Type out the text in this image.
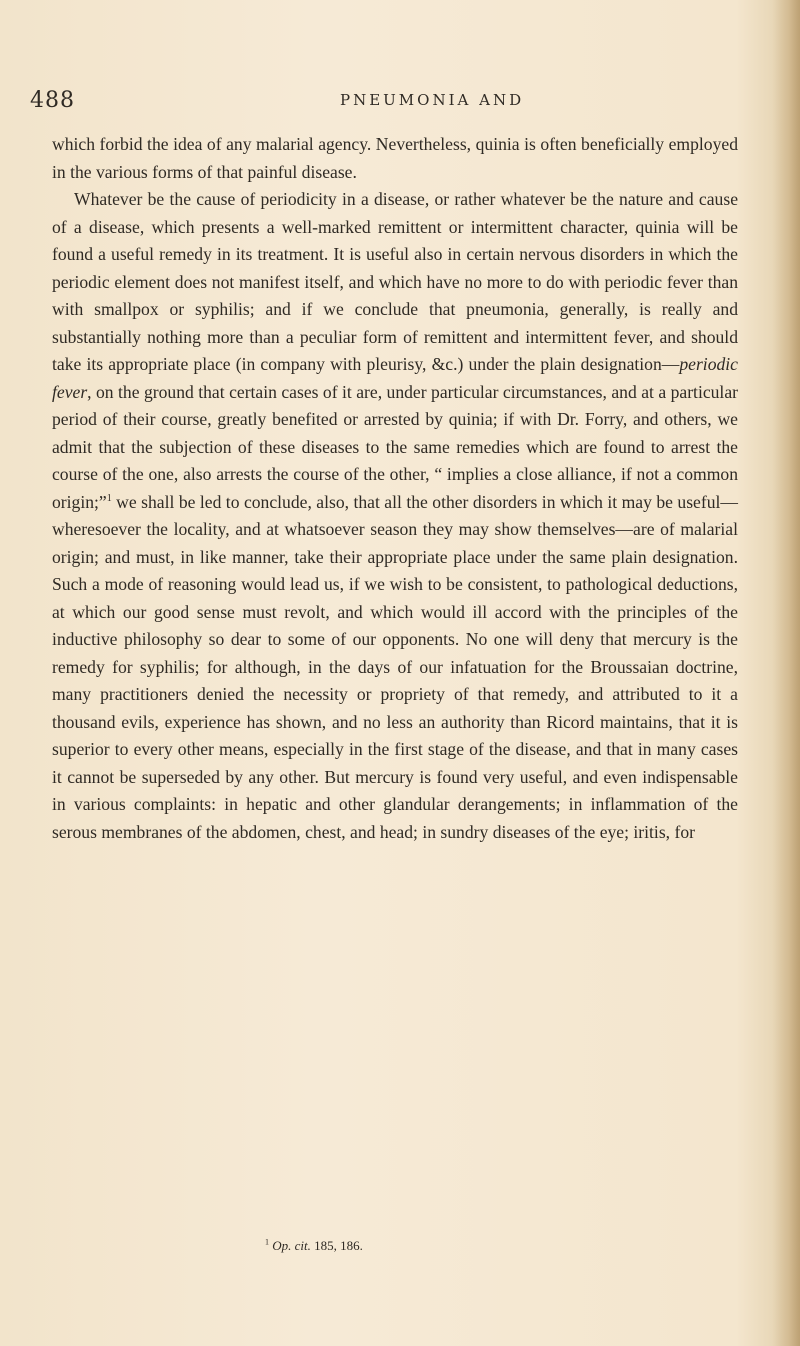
488	PNEUMONIA AND

which forbid the idea of any malarial agency. Nevertheless, quinia is often beneficially employed in the various forms of that painful disease.

Whatever be the cause of periodicity in a disease, or rather whatever be the nature and cause of a disease, which presents a well-marked remittent or intermittent character, quinia will be found a useful remedy in its treatment. It is useful also in certain nervous disorders in which the periodic element does not manifest itself, and which have no more to do with periodic fever than with smallpox or syphilis; and if we conclude that pneumonia, generally, is really and substantially nothing more than a peculiar form of remittent and intermittent fever, and should take its appropriate place (in company with pleurisy, &c.) under the plain designation—periodic fever, on the ground that certain cases of it are, under particular circumstances, and at a particular period of their course, greatly benefited or arrested by quinia; if with Dr. Forry, and others, we admit that the subjection of these diseases to the same remedies which are found to arrest the course of the one, also arrests the course of the other, “ implies a close alliance, if not a common origin;”$^1$ we shall be led to conclude, also, that all the other disorders in which it may be useful—wheresoever the locality, and at whatsoever season they may show themselves—are of malarial origin; and must, in like manner, take their appropriate place under the same plain designation. Such a mode of reasoning would lead us, if we wish to be consistent, to pathological deductions, at which our good sense must revolt, and which would ill accord with the principles of the inductive philosophy so dear to some of our opponents. No one will deny that mercury is the remedy for syphilis; for although, in the days of our infatuation for the Broussaian doctrine, many practitioners denied the necessity or propriety of that remedy, and attributed to it a thousand evils, experience has shown, and no less an authority than Ricord maintains, that it is superior to every other means, especially in the first stage of the disease, and that in many cases it cannot be superseded by any other. But mercury is found very useful, and even indispensable in various complaints: in hepatic and other glandular derangements; in inflammation of the serous membranes of the abdomen, chest, and head; in sundry diseases of the eye; iritis, for

$^1$ Op. cit. 185, 186.
